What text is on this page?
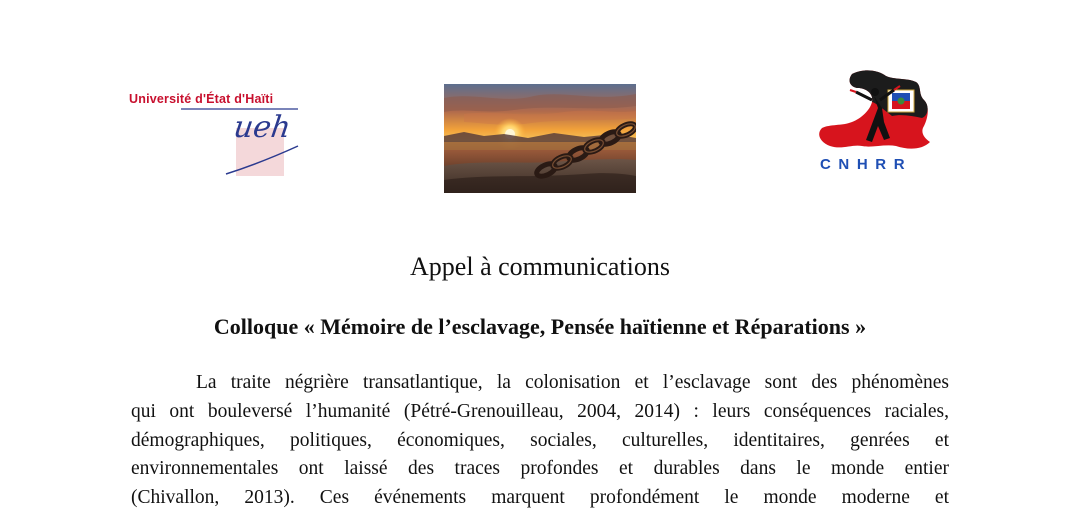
Université d'État d'Haïti
ueh
CNHRR
Appel à communications
Colloque « Mémoire de l’esclavage, Pensée haïtienne et Réparations »

La traite négrière transatlantique, la colonisation et l’esclavage sont des phénomènes
qui ont bouleversé l’humanité (Pétré-Grenouilleau, 2004, 2014) : leurs conséquences raciales,
démographiques, politiques, économiques, sociales, culturelles, identitaires, genrées et
environnementales ont laissé des traces profondes et durables dans le monde entier
(Chivallon, 2013). Ces événements marquent profondément le monde moderne et
